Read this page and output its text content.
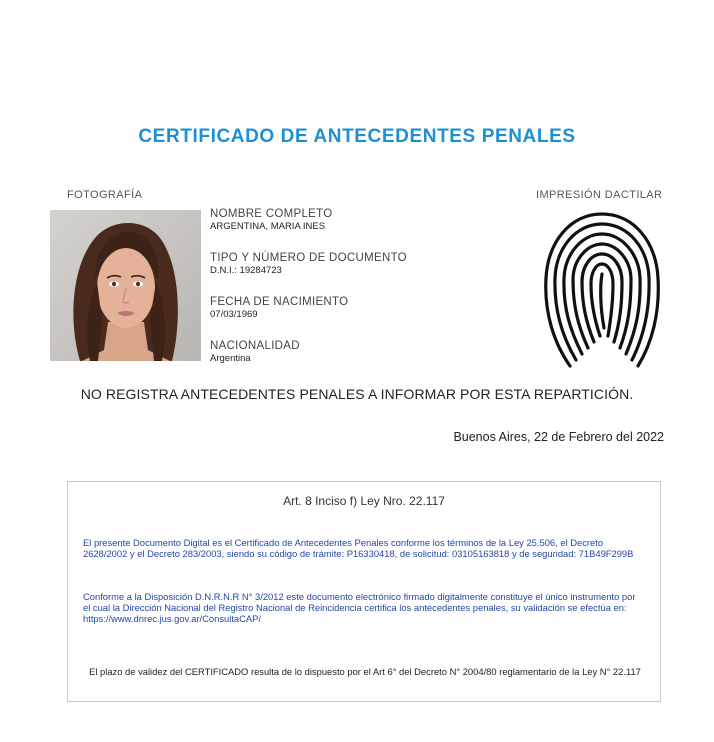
CERTIFICADO DE ANTECEDENTES PENALES
FOTOGRAFÍA	IMPRESIÓN DACTILAR
NOMBRE COMPLETO
ARGENTINA, MARIA INES
TIPO Y NÚMERO DE DOCUMENTO
D.N.I.: 19284723
FECHA DE NACIMIENTO
07/03/1969
NACIONALIDAD
Argentina
NO REGISTRA ANTECEDENTES PENALES A INFORMAR POR ESTA REPARTICIÓN.
Buenos Aires, 22 de Febrero del 2022
Art. 8 Inciso f) Ley Nro. 22.117
El presente Documento Digital es el Certificado de Antecedentes Penales conforme los términos de la Ley 25.506, el Decreto 2628/2002 y el Decreto 283/2003, siendo su código de trámite: P16330418, de solicitud: 03105163818 y de seguridad: 71B49F299B
Conforme a la Disposición D.N.R.N.R N° 3/2012 este documento electrónico firmado digitalmente constituye el único instrumento por el cual la Dirección Nacional del Registro Nacional de Reincidencia certifica los antecedentes penales, su validación se efectúa en: https://www.dnrec.jus.gov.ar/ConsultaCAP/
El plazo de validez del CERTIFICADO resulta de lo dispuesto por el Art 6° del Decreto N° 2004/80 reglamentario de la Ley N° 22.117
